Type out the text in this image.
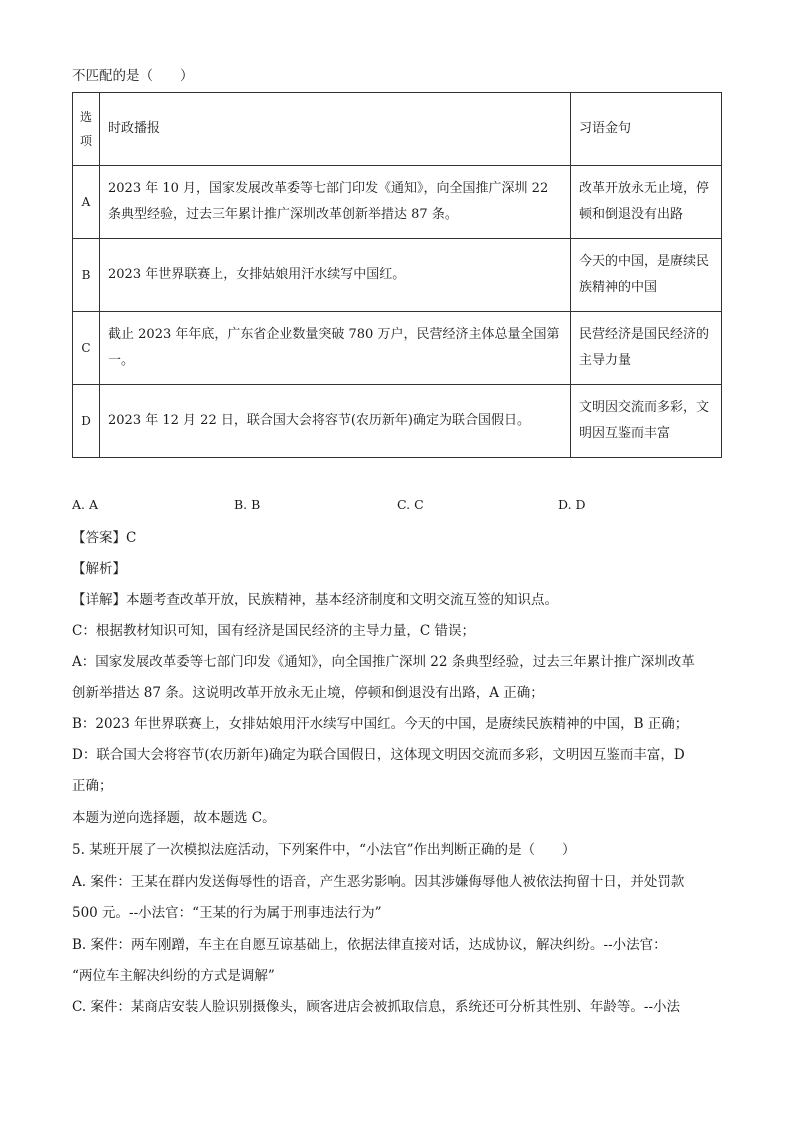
不匹配的是（　　）
选项	时政播报	习语金句
A	2023 年 10 月，国家发展改革委等七部门印发《通知》，向全国推广深圳 22 条典型经验，过去三年累计推广深圳改革创新举措达 87 条。	改革开放永无止境，停顿和倒退没有出路
B	2023 年世界联赛上，女排姑娘用汗水续写中国红。	今天的中国，是赓续民族精神的中国
C	截止 2023 年年底，广东省企业数量突破 780 万户，民营经济主体总量全国第一。	民营经济是国民经济的主导力量
D	2023 年 12 月 22 日，联合国大会将容节(农历新年)确定为联合国假日。	文明因交流而多彩，文明因互鉴而丰富
A. A	B. B	C. C	D. D
【答案】C
【解析】
【详解】本题考查改革开放，民族精神，基本经济制度和文明交流互签的知识点。
C：根据教材知识可知，国有经济是国民经济的主导力量，C 错误；
A：国家发展改革委等七部门印发《通知》，向全国推广深圳 22 条典型经验，过去三年累计推广深圳改革
创新举措达 87 条。这说明改革开放永无止境，停顿和倒退没有出路，A 正确；
B：2023 年世界联赛上，女排姑娘用汗水续写中国红。今天的中国，是赓续民族精神的中国，B 正确；
D：联合国大会将容节(农历新年)确定为联合国假日，这体现文明因交流而多彩，文明因互鉴而丰富，D
正确；
本题为逆向选择题，故本题选 C。
5. 某班开展了一次模拟法庭活动，下列案件中，“小法官”作出判断正确的是（　　）
A. 案件：王某在群内发送侮辱性的语音，产生恶劣影响。因其涉嫌侮辱他人被依法拘留十日，并处罚款
500 元。--小法官：“王某的行为属于刑事违法行为”
B. 案件：两车刚蹭，车主在自愿互谅基础上，依据法律直接对话，达成协议，解决纠纷。--小法官：
“两位车主解决纠纷的方式是调解”
C. 案件：某商店安装人脸识别摄像头，顾客进店会被抓取信息，系统还可分析其性别、年龄等。--小法
